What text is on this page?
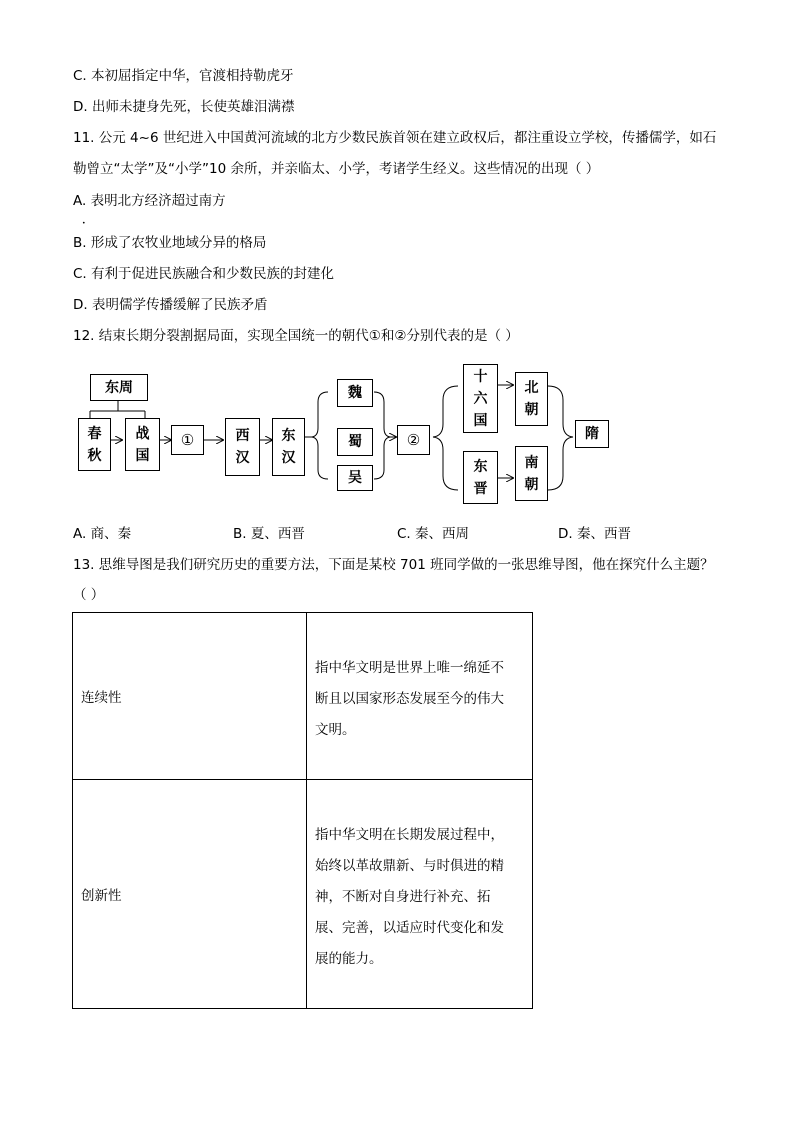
C. 本初屈指定中华，官渡相持勒虎牙
D. 出师未捷身先死，长使英雄泪满襟
11. 公元 4~6 世纪进入中国黄河流域的北方少数民族首领在建立政权后，都注重设立学校，传播儒学，如石
勒曾立“太学”及“小学”10 余所，并亲临太、小学，考诸学生经义。这些情况的出现（ ）
A. 表明北方经济超过南方
•
B. 形成了农牧业地域分异的格局
C. 有利于促进民族融合和少数民族的封建化
D. 表明儒学传播缓解了民族矛盾
12. 结束长期分裂割据局面，实现全国统一的朝代①和②分别代表的是（ ）
东周
春
秋
战
国
①	西
汉
东
汉
魏
蜀
吴
②
十
六
国
北
朝
东
晋
南
朝
隋
A. 商、秦	B. 夏、西晋	C. 秦、西周	D. 秦、西晋
13. 思维导图是我们研究历史的重要方法，下面是某校 701 班同学做的一张思维导图，他在探究什么主题？
（ ）
连续性	指中华文明是世界上唯一绵延不
断且以国家形态发展至今的伟大
文明。

创新性	指中华文明在长期发展过程中，
始终以革故鼎新、与时俱进的精
神，不断对自身进行补充、拓
展、完善，以适应时代变化和发
展的能力。
